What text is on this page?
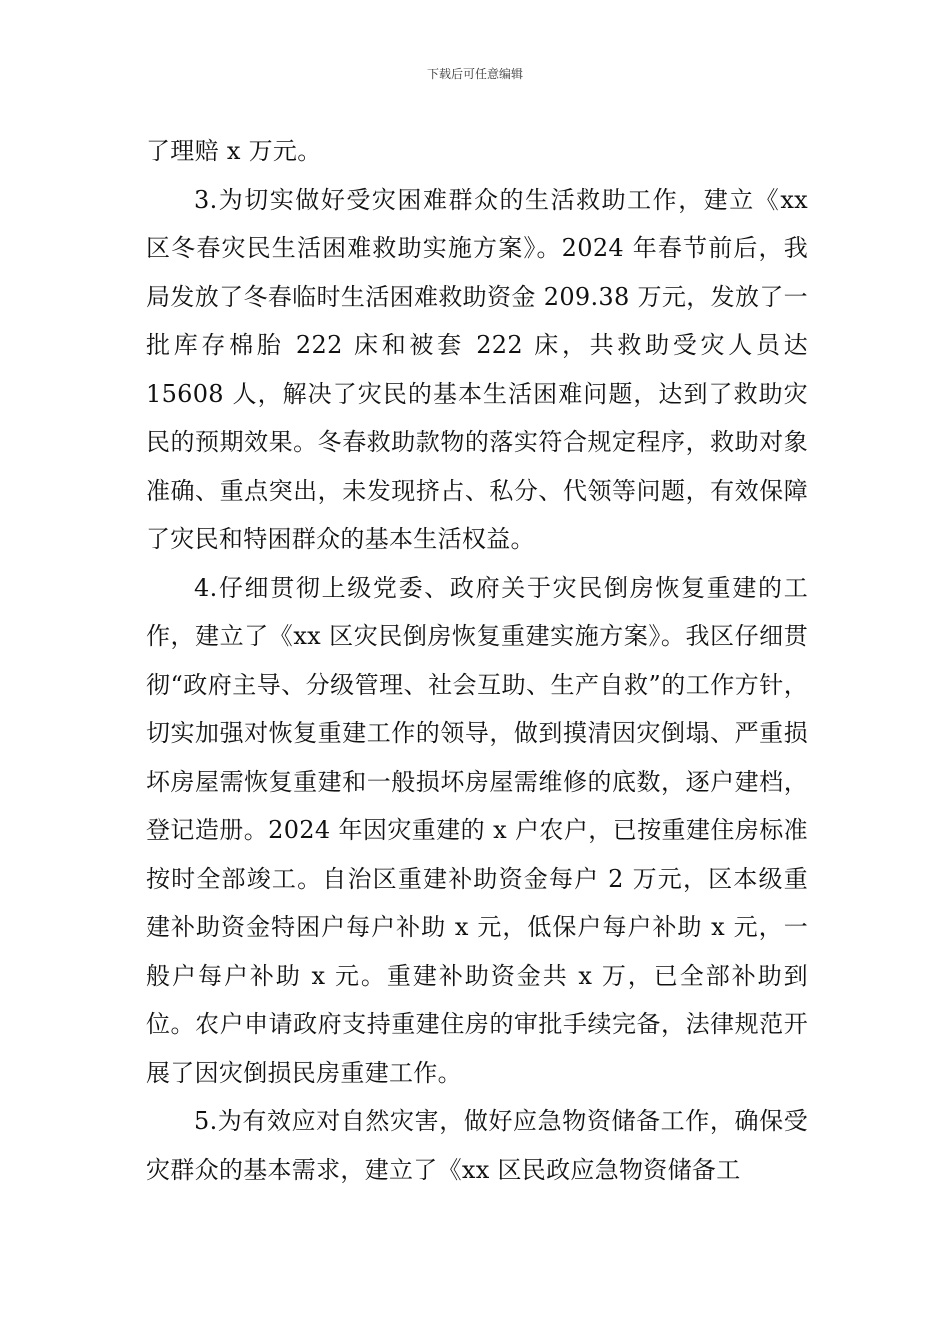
下载后可任意编辑

了理赔 x 万元。

3.为切实做好受灾困难群众的生活救助工作，建立《xx 区冬春灾民生活困难救助实施方案》。2024 年春节前后，我局发放了冬春临时生活困难救助资金 209.38 万元，发放了一批库存棉胎 222 床和被套 222 床，共救助受灾人员达 15608 人，解决了灾民的基本生活困难问题，达到了救助灾民的预期效果。冬春救助款物的落实符合规定程序，救助对象准确、重点突出，未发现挤占、私分、代领等问题，有效保障了灾民和特困群众的基本生活权益。

4.仔细贯彻上级党委、政府关于灾民倒房恢复重建的工作，建立了《xx 区灾民倒房恢复重建实施方案》。我区仔细贯彻“政府主导、分级管理、社会互助、生产自救”的工作方针，切实加强对恢复重建工作的领导，做到摸清因灾倒塌、严重损坏房屋需恢复重建和一般损坏房屋需维修的底数，逐户建档，登记造册。2024 年因灾重建的 x 户农户，已按重建住房标准按时全部竣工。自治区重建补助资金每户 2 万元，区本级重建补助资金特困户每户补助 x 元，低保户每户补助 x 元，一般户每户补助 x 元。重建补助资金共 x 万，已全部补助到位。农户申请政府支持重建住房的审批手续完备，法律规范开展了因灾倒损民房重建工作。

5.为有效应对自然灾害，做好应急物资储备工作，确保受灾群众的基本需求，建立了《xx 区民政应急物资储备工
